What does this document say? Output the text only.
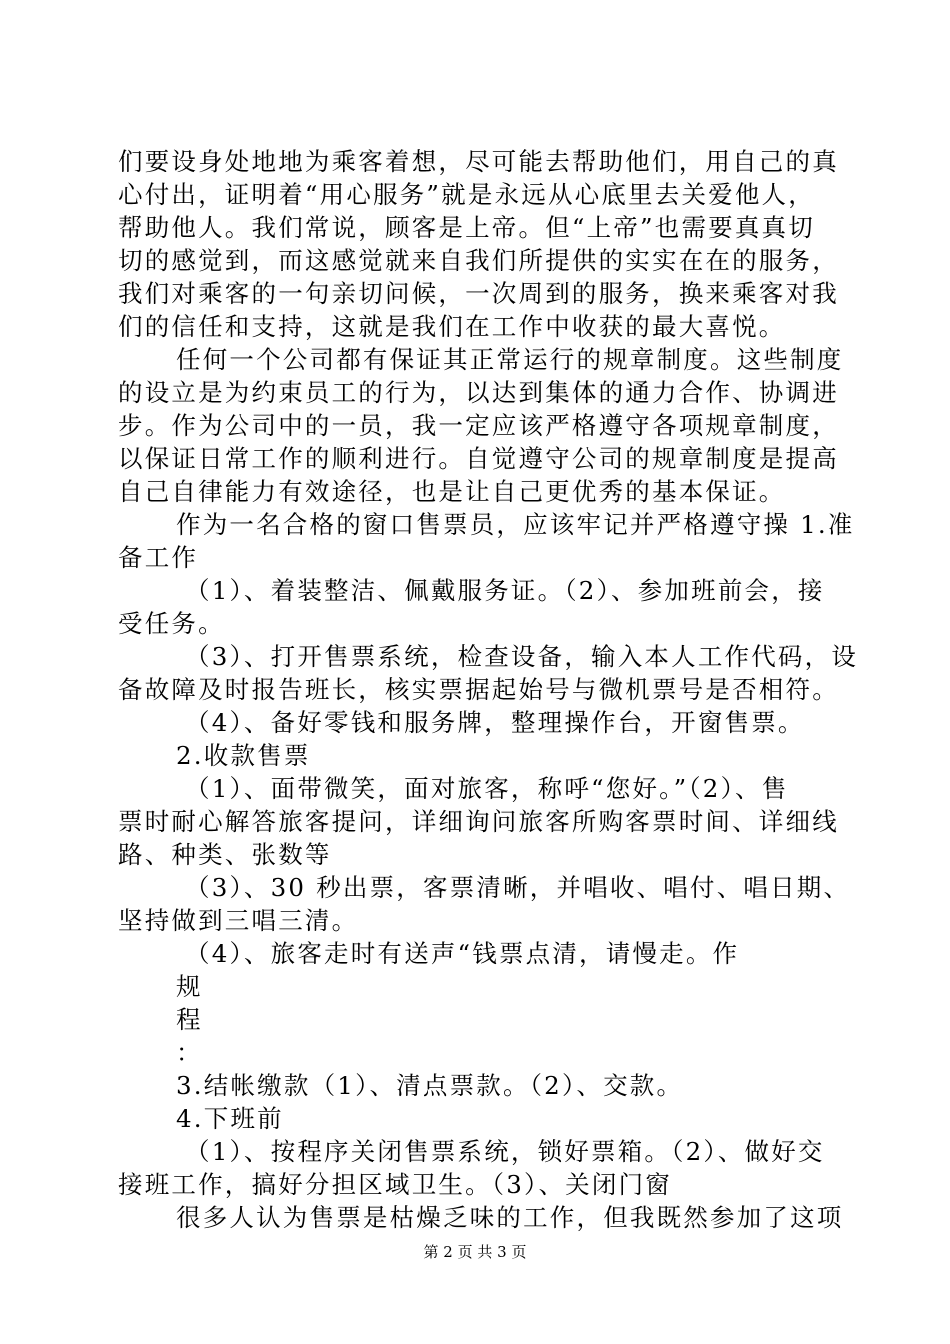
们要设身处地地为乘客着想，尽可能去帮助他们，用自己的真
心付出，证明着“用心服务”就是永远从心底里去关爱他人，
帮助他人。我们常说，顾客是上帝。但“上帝”也需要真真切
切的感觉到，而这感觉就来自我们所提供的实实在在的服务，
我们对乘客的一句亲切问候，一次周到的服务，换来乘客对我
们的信任和支持，这就是我们在工作中收获的最大喜悦。
任何一个公司都有保证其正常运行的规章制度。这些制度
的设立是为约束员工的行为，以达到集体的通力合作、协调进
步。作为公司中的一员，我一定应该严格遵守各项规章制度，
以保证日常工作的顺利进行。自觉遵守公司的规章制度是提高
自己自律能力有效途径，也是让自己更优秀的基本保证。
作为一名合格的窗口售票员，应该牢记并严格遵守操 1.准
备工作
（1）、着装整洁、佩戴服务证。（2）、参加班前会，接
受任务。
（3）、打开售票系统，检查设备，输入本人工作代码，设
备故障及时报告班长，核实票据起始号与微机票号是否相符。
（4）、备好零钱和服务牌，整理操作台，开窗售票。
2.收款售票
（1）、面带微笑，面对旅客，称呼“您好。”（2）、售
票时耐心解答旅客提问，详细询问旅客所购客票时间、详细线
路、种类、张数等
（3）、30 秒出票，客票清晰，并唱收、唱付、唱日期、
坚持做到三唱三清。
（4）、旅客走时有送声“钱票点清，请慢走。作
规
程
：
3.结帐缴款（1）、清点票款。（2）、交款。
4.下班前
（1）、按程序关闭售票系统，锁好票箱。（2）、做好交
接班工作，搞好分担区域卫生。（3）、关闭门窗
很多人认为售票是枯燥乏味的工作，但我既然参加了这项
第 2 页 共 3 页
